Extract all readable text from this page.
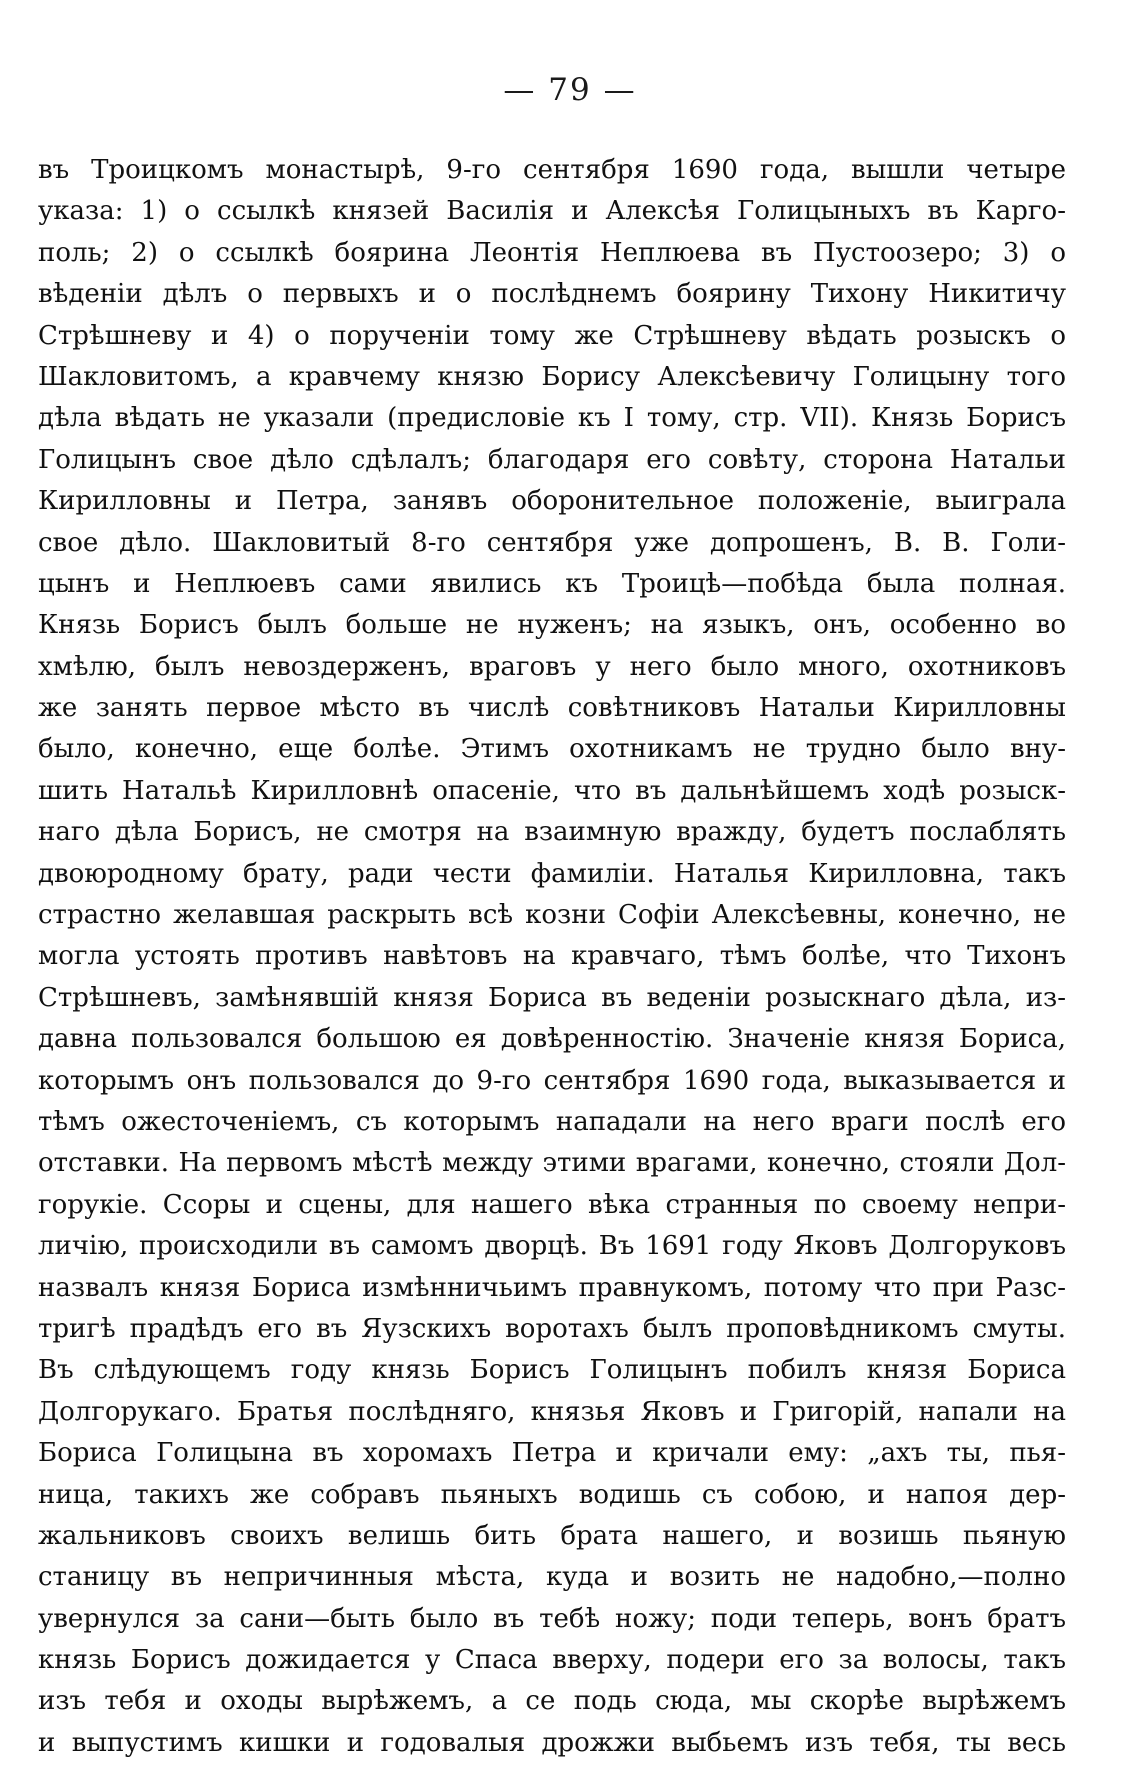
— 79 —
въ Троицкомъ монастырѣ, 9-го сентября 1690 года, вышли четыре
указа: 1) о ссылкѣ князей Василія и Алексѣя Голицыныхъ въ Карго-
поль; 2) о ссылкѣ боярина Леонтія Неплюева въ Пустоозеро; 3) о
вѣденіи дѣлъ о первыхъ и о послѣднемъ боярину Тихону Никитичу
Стрѣшневу и 4) о порученіи тому же Стрѣшневу вѣдать розыскъ о
Шакловитомъ, а кравчему князю Борису Алексѣевичу Голицыну того
дѣла вѣдать не указали (предисловіе къ I тому, стр. VII). Князь Борисъ
Голицынъ свое дѣло сдѣлалъ; благодаря его совѣту, сторона Натальи
Кирилловны и Петра, занявъ оборонительное положеніе, выиграла
свое дѣло. Шакловитый 8-го сентября уже допрошенъ, В. В. Голи-
цынъ и Неплюевъ сами явились къ Троицѣ—побѣда была полная.
Князь Борисъ былъ больше не нуженъ; на языкъ, онъ, особенно во
хмѣлю, былъ невоздерженъ, враговъ у него было много, охотниковъ
же занять первое мѣсто въ числѣ совѣтниковъ Натальи Кирилловны
было, конечно, еще болѣе. Этимъ охотникамъ не трудно было вну-
шить Натальѣ Кирилловнѣ опасеніе, что въ дальнѣйшемъ ходѣ розыск-
наго дѣла Борисъ, не смотря на взаимную вражду, будетъ послаблять
двоюродному брату, ради чести фамиліи. Наталья Кирилловна, такъ
страстно желавшая раскрыть всѣ козни Софіи Алексѣевны, конечно, не
могла устоять противъ навѣтовъ на кравчаго, тѣмъ болѣе, что Тихонъ
Стрѣшневъ, замѣнявшій князя Бориса въ веденіи розыскнаго дѣла, из-
давна пользовался большою ея довѣренностію. Значеніе князя Бориса,
которымъ онъ пользовался до 9-го сентября 1690 года, выказывается и
тѣмъ ожесточеніемъ, съ которымъ нападали на него враги послѣ его
отставки. На первомъ мѣстѣ между этими врагами, конечно, стояли Дол-
горукіе. Ссоры и сцены, для нашего вѣка странныя по своему непри-
личію, происходили въ самомъ дворцѣ. Въ 1691 году Яковъ Долгоруковъ
назвалъ князя Бориса измѣнничьимъ правнукомъ, потому что при Разс-
тригѣ прадѣдъ его въ Яузскихъ воротахъ былъ проповѣдникомъ смуты.
Въ слѣдующемъ году князь Борисъ Голицынъ побилъ князя Бориса
Долгорукаго. Братья послѣдняго, князья Яковъ и Григорій, напали на
Бориса Голицына въ хоромахъ Петра и кричали ему: „ахъ ты, пья-
ница, такихъ же собравъ пьяныхъ водишь съ собою, и напоя дер-
жальниковъ своихъ велишь бить брата нашего, и возишь пьяную
станицу въ непричинныя мѣста, куда и возить не надобно,—полно
увернулся за сани—быть было въ тебѣ ножу; поди теперь, вонъ братъ
князь Борисъ дожидается у Спаса вверху, подери его за волосы, такъ
изъ тебя и оходы вырѣжемъ, а се подь сюда, мы скорѣе вырѣжемъ
и выпустимъ кишки и годовалыя дрожжи выбьемъ изъ тебя, ты весь
